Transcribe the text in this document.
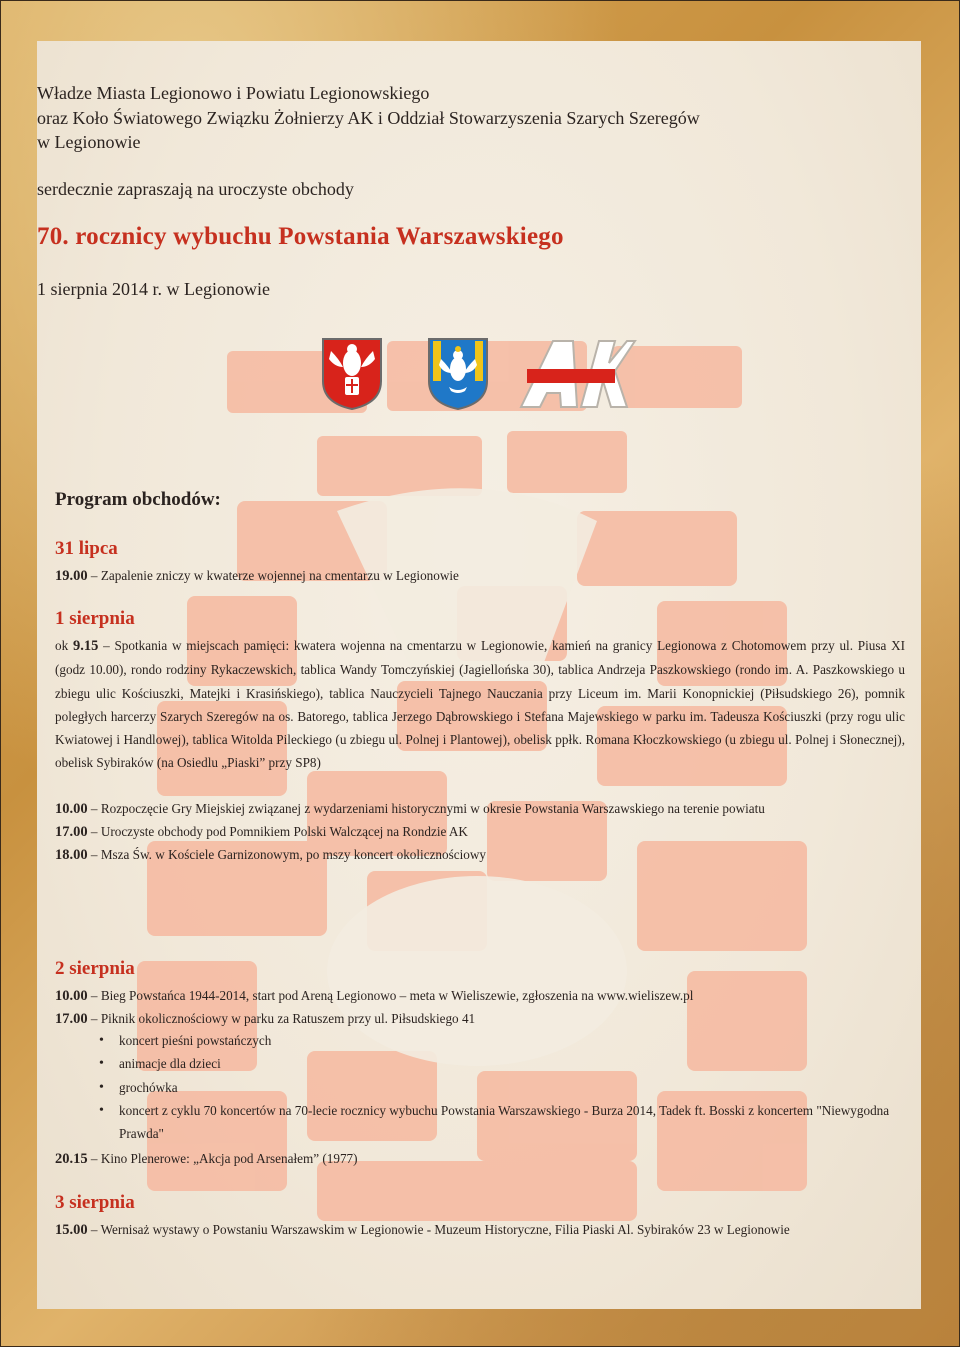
Władze Miasta Legionowo i Powiatu Legionowskiego
oraz Koło Światowego Związku Żołnierzy AK i Oddział Stowarzyszenia Szarych Szeregów
w Legionowie
serdecznie zapraszają na uroczyste obchody
70. rocznicy wybuchu Powstania Warszawskiego
1 sierpnia 2014 r. w Legionowie
AK
Program obchodów:
31 lipca
19.00 – Zapalenie zniczy w kwaterze wojennej na cmentarzu w Legionowie
1 sierpnia
ok 9.15 – Spotkania w miejscach pamięci: kwatera wojenna na cmentarzu w Legionowie, kamień na granicy Legionowa z Chotomowem przy ul. Piusa XI (godz 10.00), rondo rodziny Rykaczewskich, tablica Wandy Tomczyńskiej (Jagiellońska 30), tablica Andrzeja Paszkowskiego (rondo im. A. Paszkowskiego u zbiegu ulic Kościuszki, Matejki i Krasińskiego), tablica Nauczycieli Tajnego Nauczania przy Liceum im. Marii Konopnickiej (Piłsudskiego 26), pomnik poległych harcerzy Szarych Szeregów na os. Batorego, tablica Jerzego Dąbrowskiego i Stefana Majewskiego w parku im. Tadeusza Kościuszki (przy rogu ulic Kwiatowej i Handlowej), tablica Witolda Pileckiego (u zbiegu ul. Polnej i Plantowej), obelisk ppłk. Romana Kłoczkowskiego (u zbiegu ul. Polnej i Słonecznej), obelisk Sybiraków (na Osiedlu „Piaski” przy SP8)
10.00 – Rozpoczęcie Gry Miejskiej związanej z wydarzeniami historycznymi w okresie Powstania Warszawskiego na terenie powiatu
17.00 – Uroczyste obchody pod Pomnikiem Polski Walczącej na Rondzie AK
18.00 – Msza Św. w Kościele Garnizonowym, po mszy koncert okolicznościowy
2 sierpnia
10.00 – Bieg Powstańca 1944-2014, start pod Areną Legionowo – meta w Wieliszewie, zgłoszenia na www.wieliszew.pl
17.00 – Piknik okolicznościowy w parku za Ratuszem przy ul. Piłsudskiego 41
• koncert pieśni powstańczych
• animacje dla dzieci
• grochówka
• koncert z cyklu 70 koncertów na 70-lecie rocznicy wybuchu Powstania Warszawskiego - Burza 2014, Tadek ft. Bosski z koncertem "Niewygodna Prawda"
20.15 – Kino Plenerowe: „Akcja pod Arsenałem” (1977)
3 sierpnia
15.00 – Wernisaż wystawy o Powstaniu Warszawskim w Legionowie - Muzeum Historyczne, Filia Piaski Al. Sybiraków 23 w Legionowie
